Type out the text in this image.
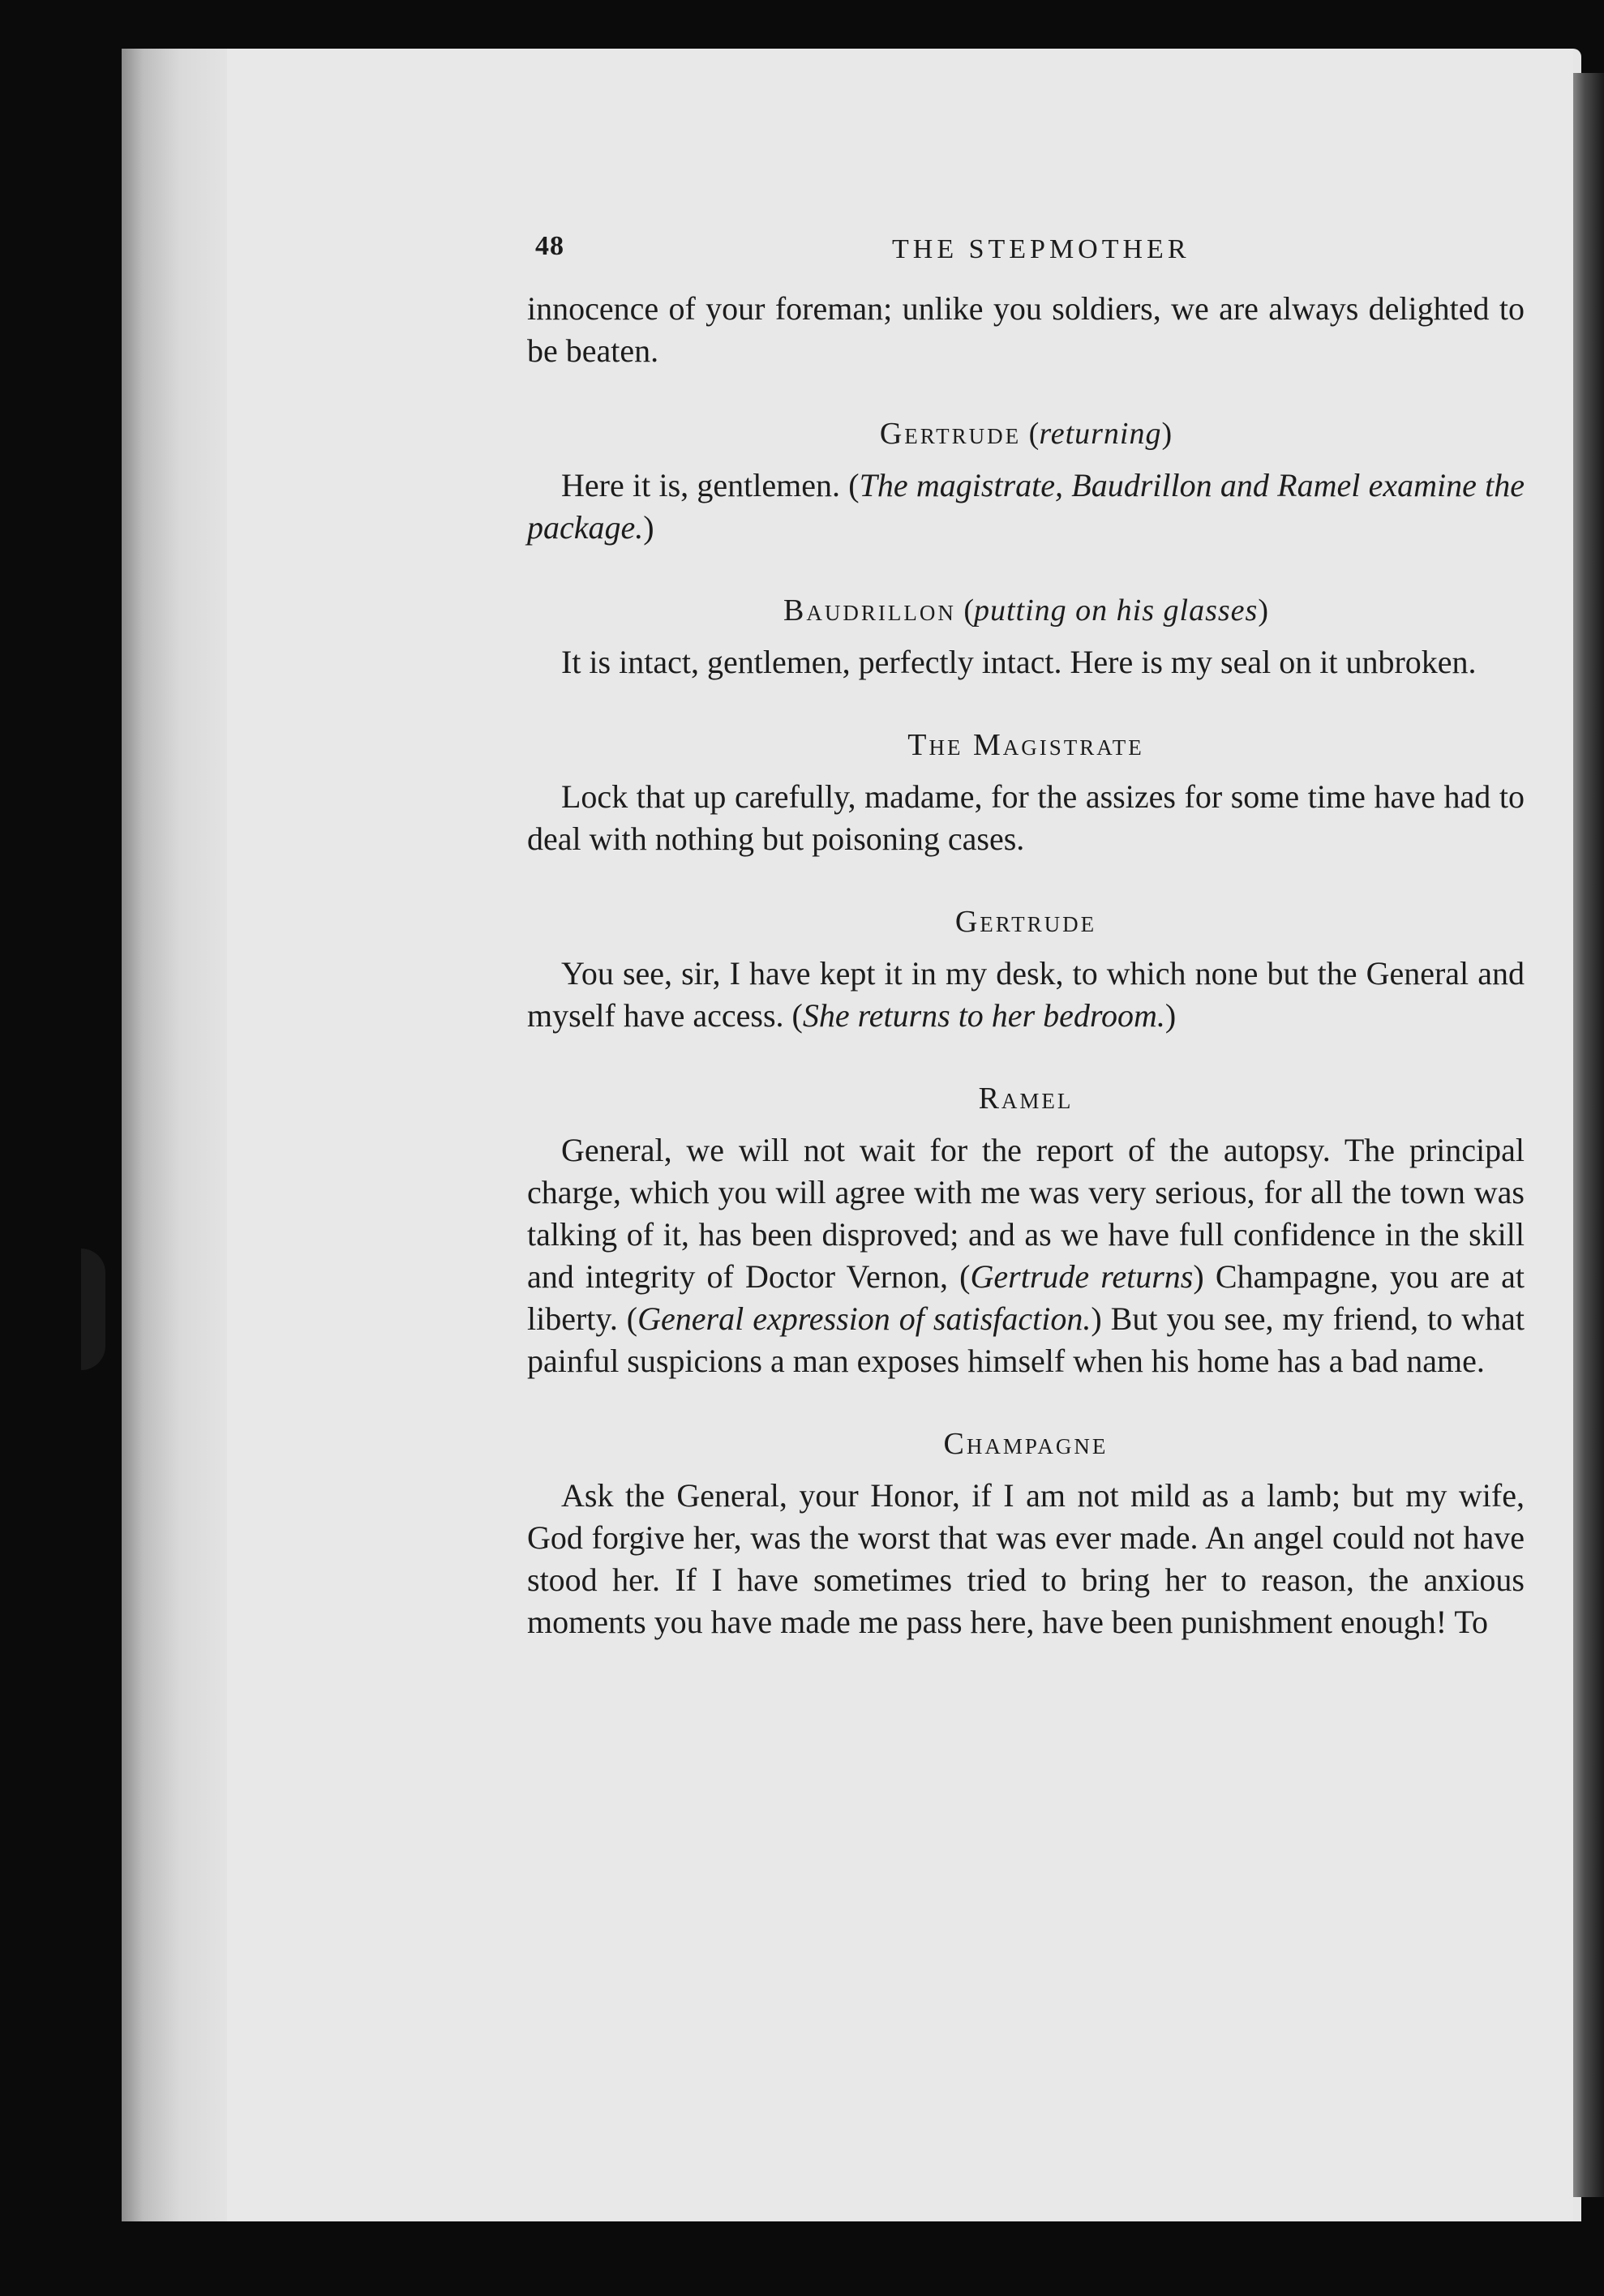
48	THE STEPMOTHER

innocence of your foreman; unlike you soldiers, we are always delighted to be beaten.

Gertrude (returning)

Here it is, gentlemen. (The magistrate, Baudrillon and Ramel examine the package.)

Baudrillon (putting on his glasses)

It is intact, gentlemen, perfectly intact. Here is my seal on it unbroken.

The Magistrate

Lock that up carefully, madame, for the assizes for some time have had to deal with nothing but poisoning cases.

Gertrude

You see, sir, I have kept it in my desk, to which none but the General and myself have access. (She returns to her bedroom.)

Ramel

General, we will not wait for the report of the autopsy. The principal charge, which you will agree with me was very serious, for all the town was talking of it, has been disproved; and as we have full confidence in the skill and integrity of Doctor Vernon, (Gertrude returns) Champagne, you are at liberty. (General expression of satisfaction.) But you see, my friend, to what painful suspicions a man exposes himself when his home has a bad name.

Champagne

Ask the General, your Honor, if I am not mild as a lamb; but my wife, God forgive her, was the worst that was ever made. An angel could not have stood her. If I have sometimes tried to bring her to reason, the anxious moments you have made me pass here, have been punishment enough! To
